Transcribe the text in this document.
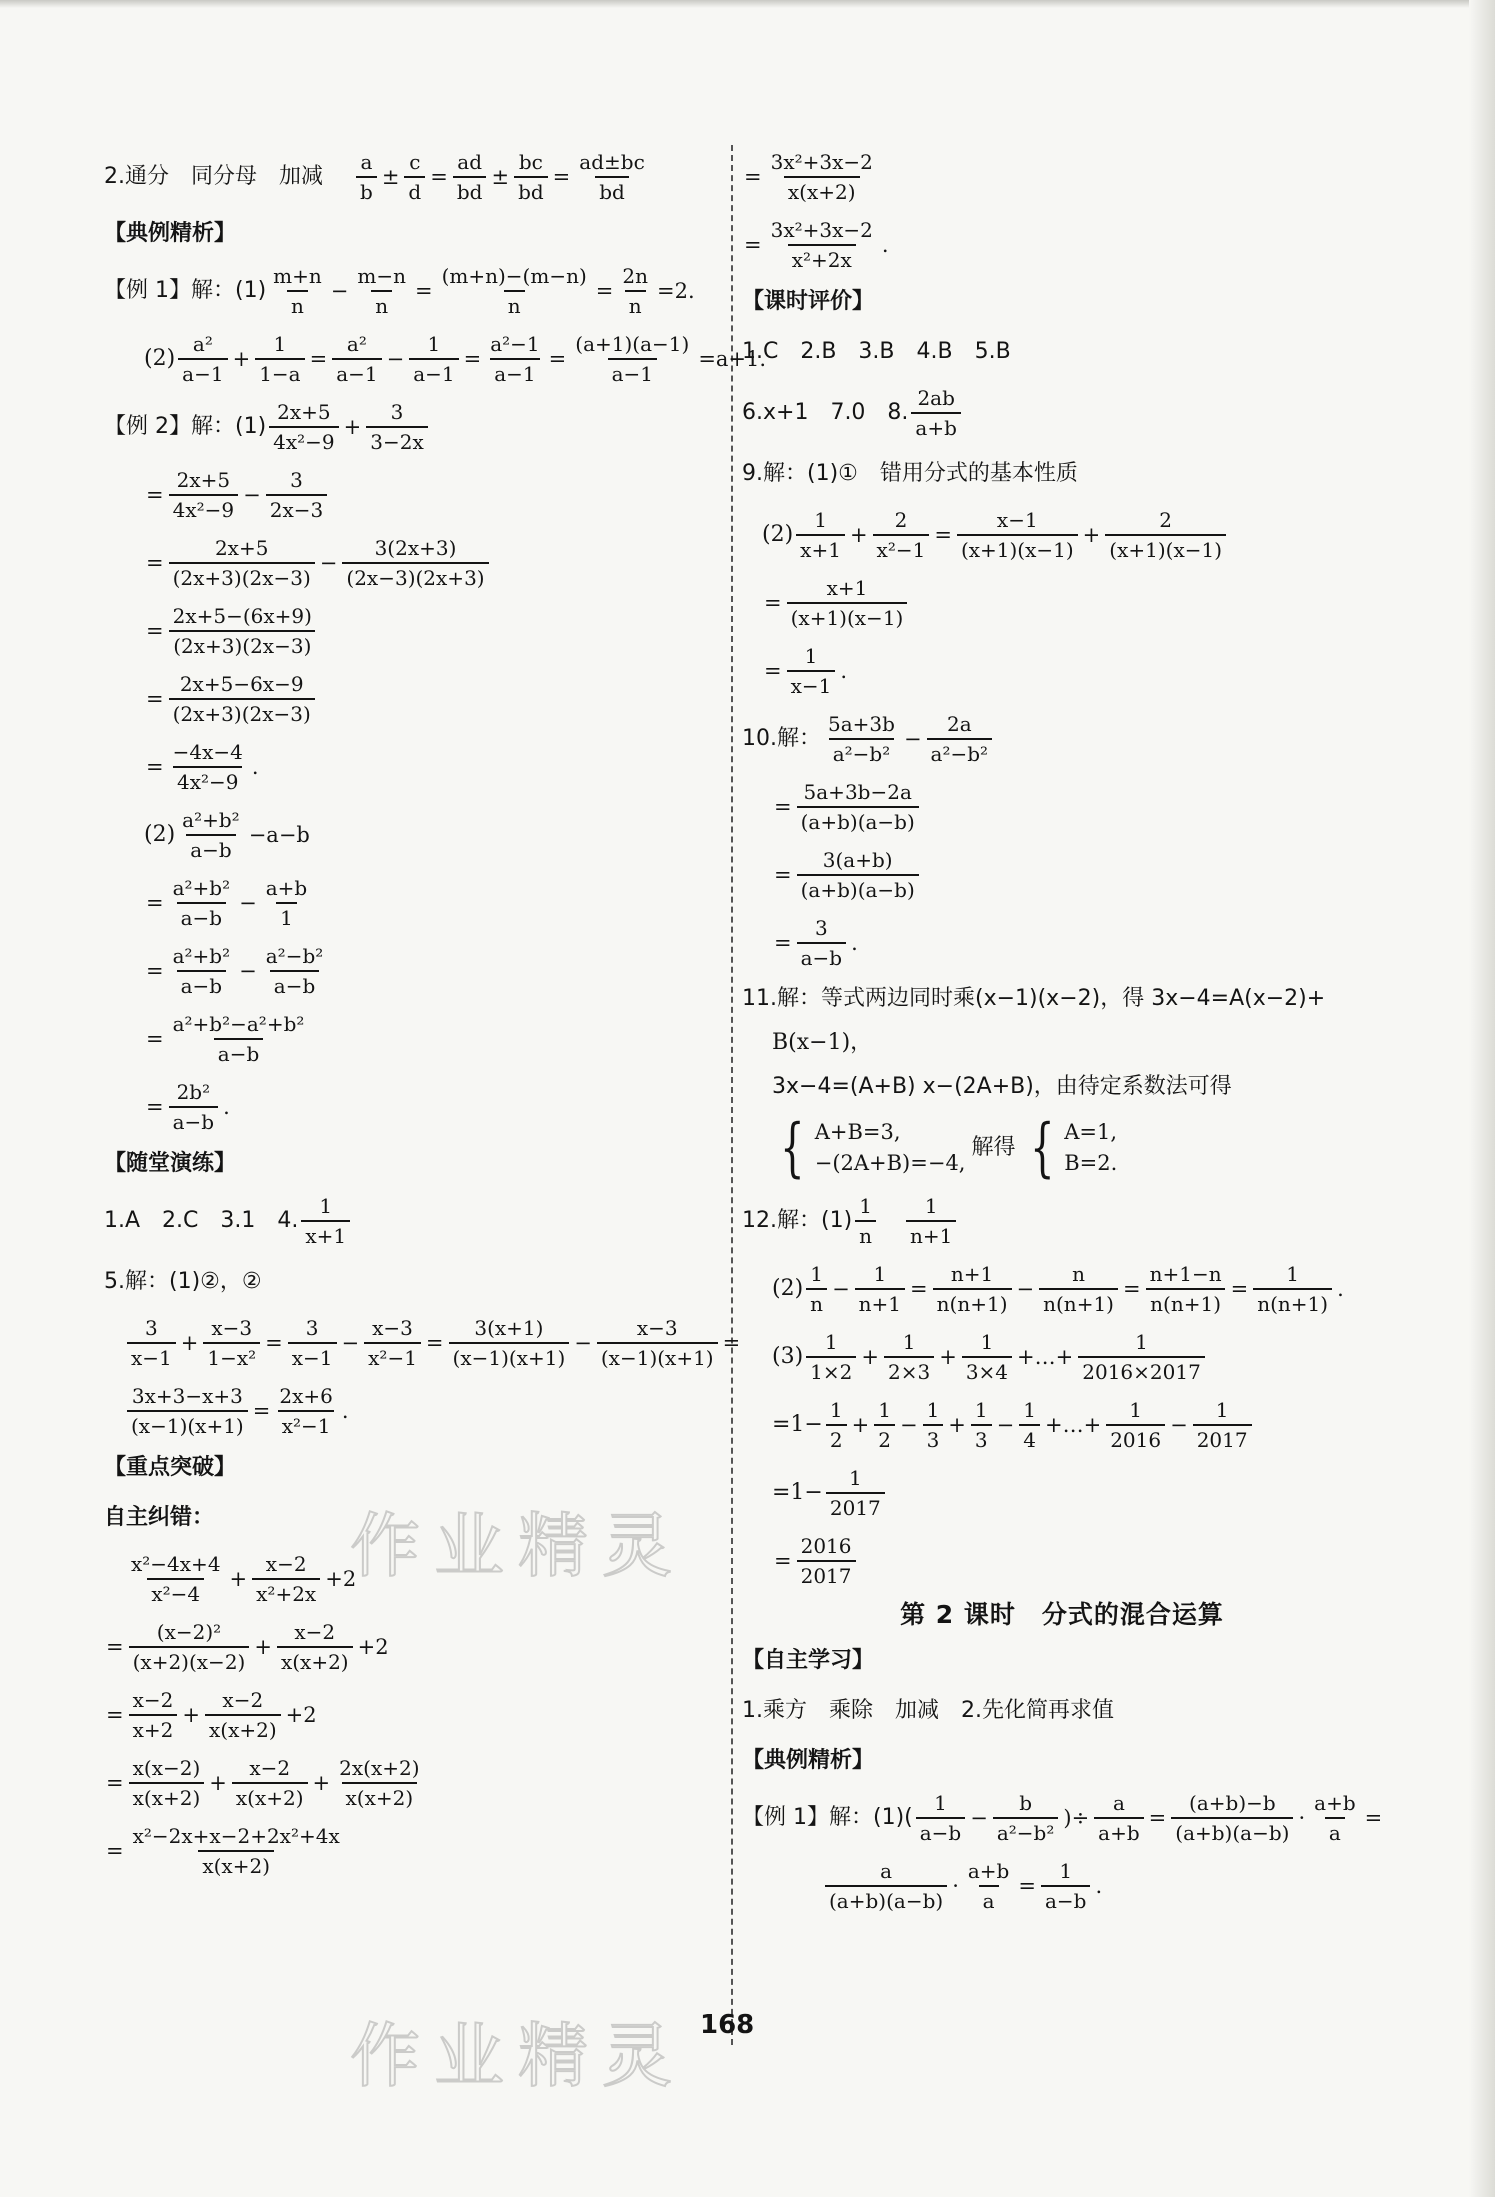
2.通分　同分母　加减 $\frac{a}{b} \pm \frac{c}{d} = \frac{ad}{bd} \pm \frac{bc}{bd} = \frac{ad\pm bc}{bd}$
【典例精析】
【例 1】解：$(1) \frac{m+n}{n} - \frac{m-n}{n} = \frac{(m+n)-(m-n)}{n} = \frac{2n}{n} =2$.
$(2) \frac{\text{a²}}{a-1} + \frac{1}{1-a} = \frac{\text{a²}}{a-1} - \frac{1}{a-1} = \frac{\text{a²−1}}{a-1} = \frac{(a+1)(a-1)}{a-1} =a+1$.
【例 2】解：$(1) \frac{2x+5}{\text{4x²−9}} + \frac{3}{3-2x}$
= $\frac{2x+5}{\text{4x²−9}} - \frac{3}{2x-3}$
= $\frac{2x+5}{(2x+3)(2x-3)} - \frac{3(2x+3)}{(2x-3)(2x+3)}$
= $\frac{2x+5-(6x+9)}{(2x+3)(2x-3)}$
= $\frac{2x+5-6x-9}{(2x+3)(2x-3)}$
= $\frac{-4x-4}{\text{4x²−9}}$ .
$(2) \frac{\text{a²+b²}}{a-b} -a-b$
= $\frac{\text{a²+b²}}{a-b} - \frac{a+b}{1}$
= $\frac{\text{a²+b²}}{a-b} - \frac{\text{a²−b²}}{a-b}$
= $\frac{\text{a²+b²−a²+b²}}{a-b}$
= $\frac{\text{2b²}}{a-b}$ .
【随堂演练】
1.A　2.C　3.1　4. $\frac{1}{x+1}$
5.解：(1)②，②
$\frac{3}{x-1} + \frac{x-3}{\text{1−x²}} = \frac{3}{x-1} - \frac{x-3}{\text{x²−1}} = \frac{3(x+1)}{(x-1)(x+1)} - \frac{x-3}{(x-1)(x+1)}$ =
$\frac{3x+3-x+3}{(x-1)(x+1)} = \frac{2x+6}{\text{x²−1}}$ .
【重点突破】
自主纠错：
$\frac{\text{x²−4x+4}}{\text{x²−4}} + \frac{x-2}{\text{x²+2x}} +2$
= $\frac{\text{(x−2)²}}{(x+2)(x-2)} + \frac{x-2}{x(x+2)} +2$
= $\frac{x-2}{x+2} + \frac{x-2}{x(x+2)} +2$
= $\frac{x(x-2)}{x(x+2)} + \frac{x-2}{x(x+2)} + \frac{2x(x+2)}{x(x+2)}$
= $\frac{\text{x²−2x+x−2+2x²+4x}}{x(x+2)}$
= $\frac{\text{3x²+3x−2}}{x(x+2)}$
= $\frac{\text{3x²+3x−2}}{\text{x²+2x}}$ .
【课时评价】
1.C　2.B　3.B　4.B　5.B
6.x+1　7.0　8. $\frac{2ab}{a+b}$
9.解：(1)①　错用分式的基本性质
$(2) \frac{1}{x+1} + \frac{2}{\text{x²−1}} = \frac{x-1}{(x+1)(x-1)} + \frac{2}{(x+1)(x-1)}$
= $\frac{x+1}{(x+1)(x-1)}$
= $\frac{1}{x-1}$ .
10.解： $\frac{5a+3b}{\text{a²−b²}} - \frac{2a}{\text{a²−b²}}$
= $\frac{5a+3b-2a}{(a+b)(a-b)}$
= $\frac{3(a+b)}{(a+b)(a-b)}$
= $\frac{3}{a-b}$ .
11.解：等式两边同时乘(x−1)(x−2)，得 3x−4=A(x−2)+
B(x−1)，
3x−4=(A+B) x−(2A+B)，由待定系数法可得
{ A+B=3,
−(2A+B)=−4,
解得 { A=1,
B=2.
12.解：$(1) \frac{1}{n} \frac{1}{n+1}$
$(2) \frac{1}{n} - \frac{1}{n+1} = \frac{n+1}{n(n+1)} - \frac{n}{n(n+1)} = \frac{n+1-n}{n(n+1)} = \frac{1}{n(n+1)}$ .
$(3) \frac{1}{1\times 2} + \frac{1}{2\times 3} + \frac{1}{3\times 4}$ +…+ $\frac{1}{2016\times 2017}$
$=1- \frac{1}{2} + \frac{1}{2} - \frac{1}{3} + \frac{1}{3} - \frac{1}{4}$ +…+ $\frac{1}{2016} - \frac{1}{2017}$
$=1- \frac{1}{2017}$
= $\frac{2016}{2017}$
第 2 课时　分式的混合运算
【自主学习】
1.乘方　乘除　加减　2.先化简再求值
【典例精析】
【例 1】解：$(1)( \frac{1}{a-b} - \frac{b}{\text{a²−b²}}$ )÷ $\frac{a}{a+b} = \frac{(a+b)-b}{(a+b)(a-b)} \cdot \frac{a+b}{a}$ =
$\frac{a}{(a+b)(a-b)} \cdot \frac{a+b}{a} = \frac{1}{a-b}$ .
作业精灵
作业精灵 168
